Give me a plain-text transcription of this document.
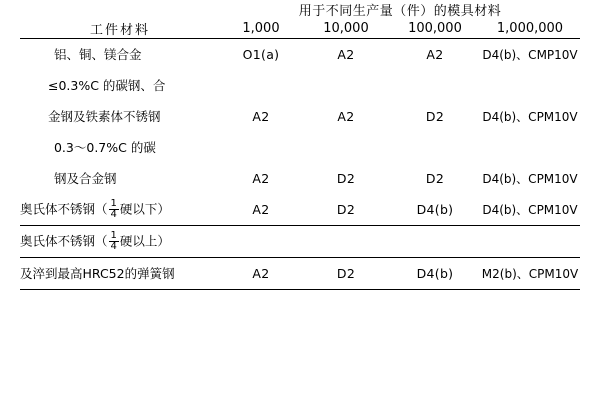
	用于不同生产量（件）的模具材料			
工件材料	1,000	10,000	100,000	1,000,000
铝、铜、镁合金	O1(a)	A2	A2	D4(b)、CMP10V
≤0.3%C 的碳钢、合				
金钢及铁素体不锈钢	A2	A2	D2	D4(b)、CPM10V
0.3～0.7%C 的碳				
钢及合金钢	A2	D2	D2	D4(b)、CPM10V
奥氏体不锈钢（ $\frac{1}{4}$ 硬以下）	A2	D2	D4(b)	D4(b)、CPM10V
奥氏体不锈钢（ $\frac{1}{4}$ 硬以上）				
及淬到最高HRC52的弹簧钢	A2	D2	D4(b)	M2(b)、CPM10V
